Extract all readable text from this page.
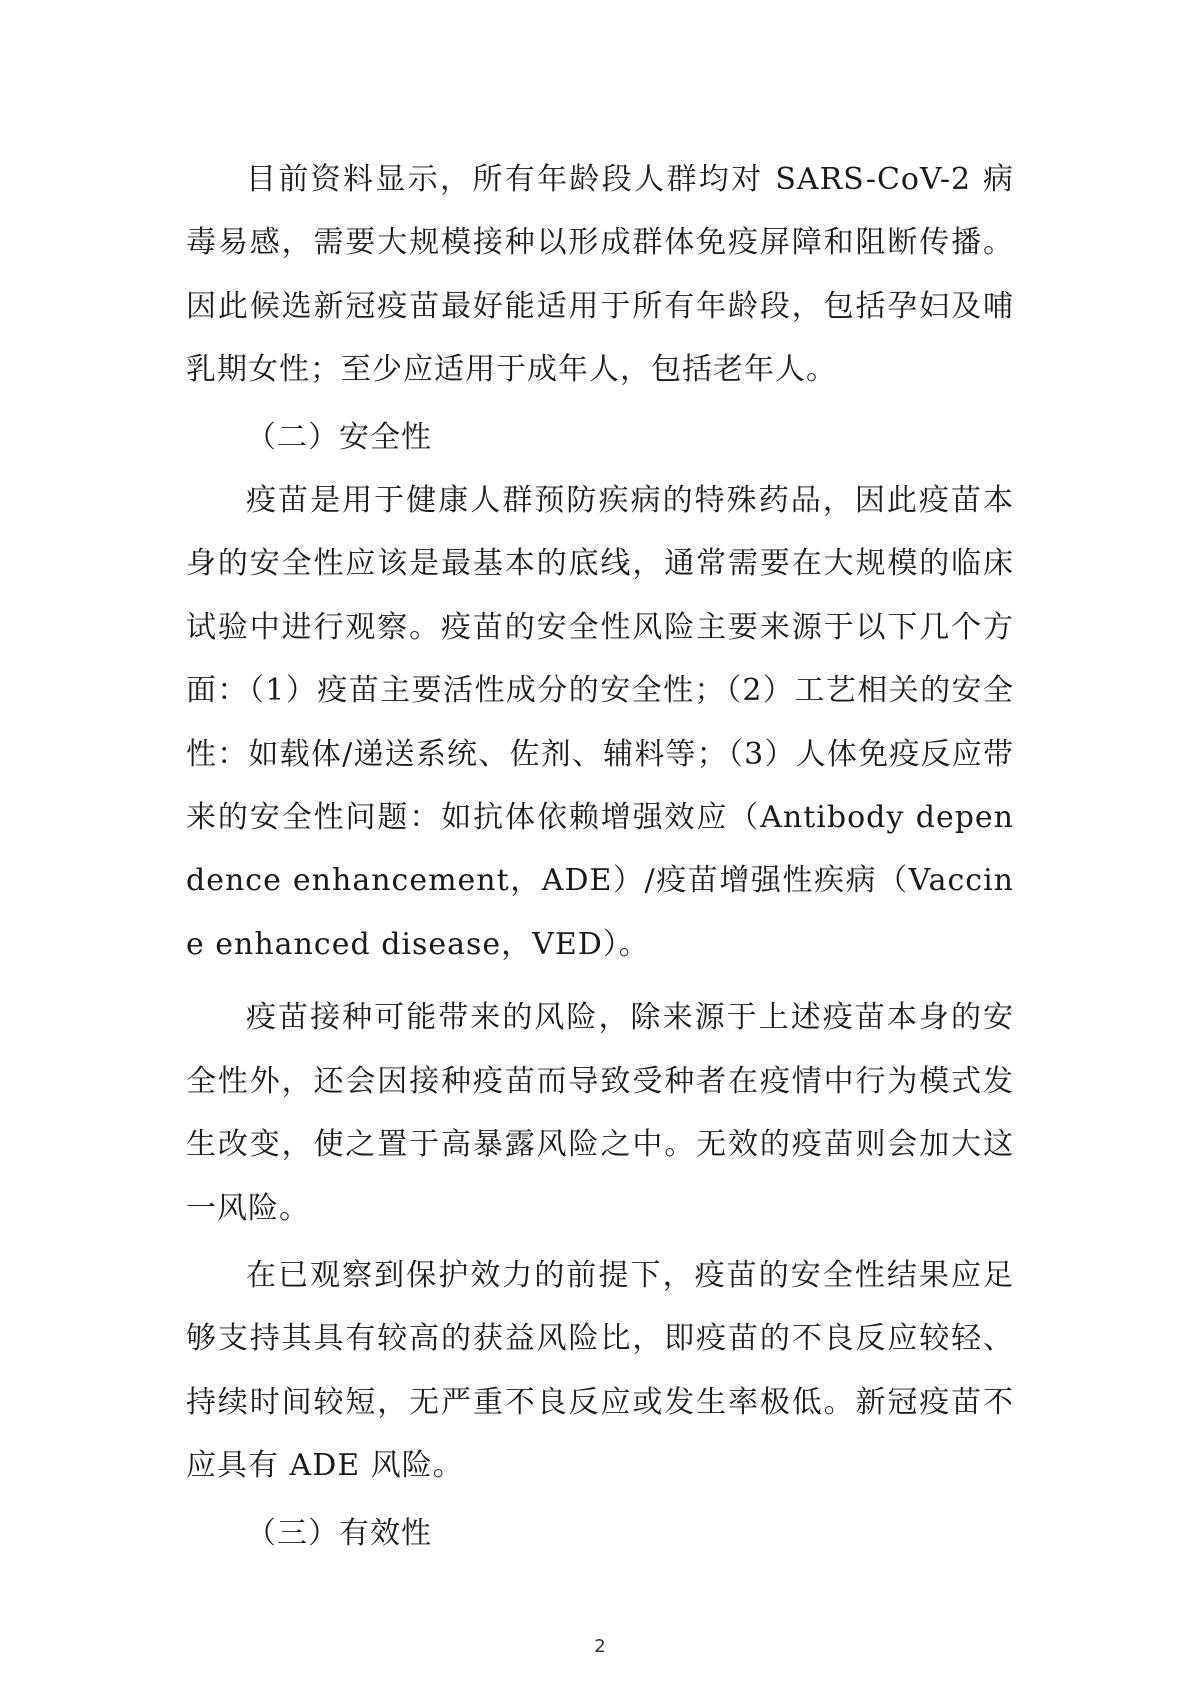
目前资料显示，所有年龄段人群均对 SARS-CoV-2 病毒易感，需要大规模接种以形成群体免疫屏障和阻断传播。因此候选新冠疫苗最好能适用于所有年龄段，包括孕妇及哺乳期女性；至少应适用于成年人，包括老年人。

（二）安全性

疫苗是用于健康人群预防疾病的特殊药品，因此疫苗本身的安全性应该是最基本的底线，通常需要在大规模的临床试验中进行观察。疫苗的安全性风险主要来源于以下几个方面：（1）疫苗主要活性成分的安全性；（2）工艺相关的安全性：如载体/递送系统、佐剂、辅料等；（3）人体免疫反应带来的安全性问题：如抗体依赖增强效应（Antibody dependence enhancement，ADE）/疫苗增强性疾病（Vaccine enhanced disease，VED）。

疫苗接种可能带来的风险，除来源于上述疫苗本身的安全性外，还会因接种疫苗而导致受种者在疫情中行为模式发生改变，使之置于高暴露风险之中。无效的疫苗则会加大这一风险。

在已观察到保护效力的前提下，疫苗的安全性结果应足够支持其具有较高的获益风险比，即疫苗的不良反应较轻、持续时间较短，无严重不良反应或发生率极低。新冠疫苗不应具有 ADE 风险。

（三）有效性

2
